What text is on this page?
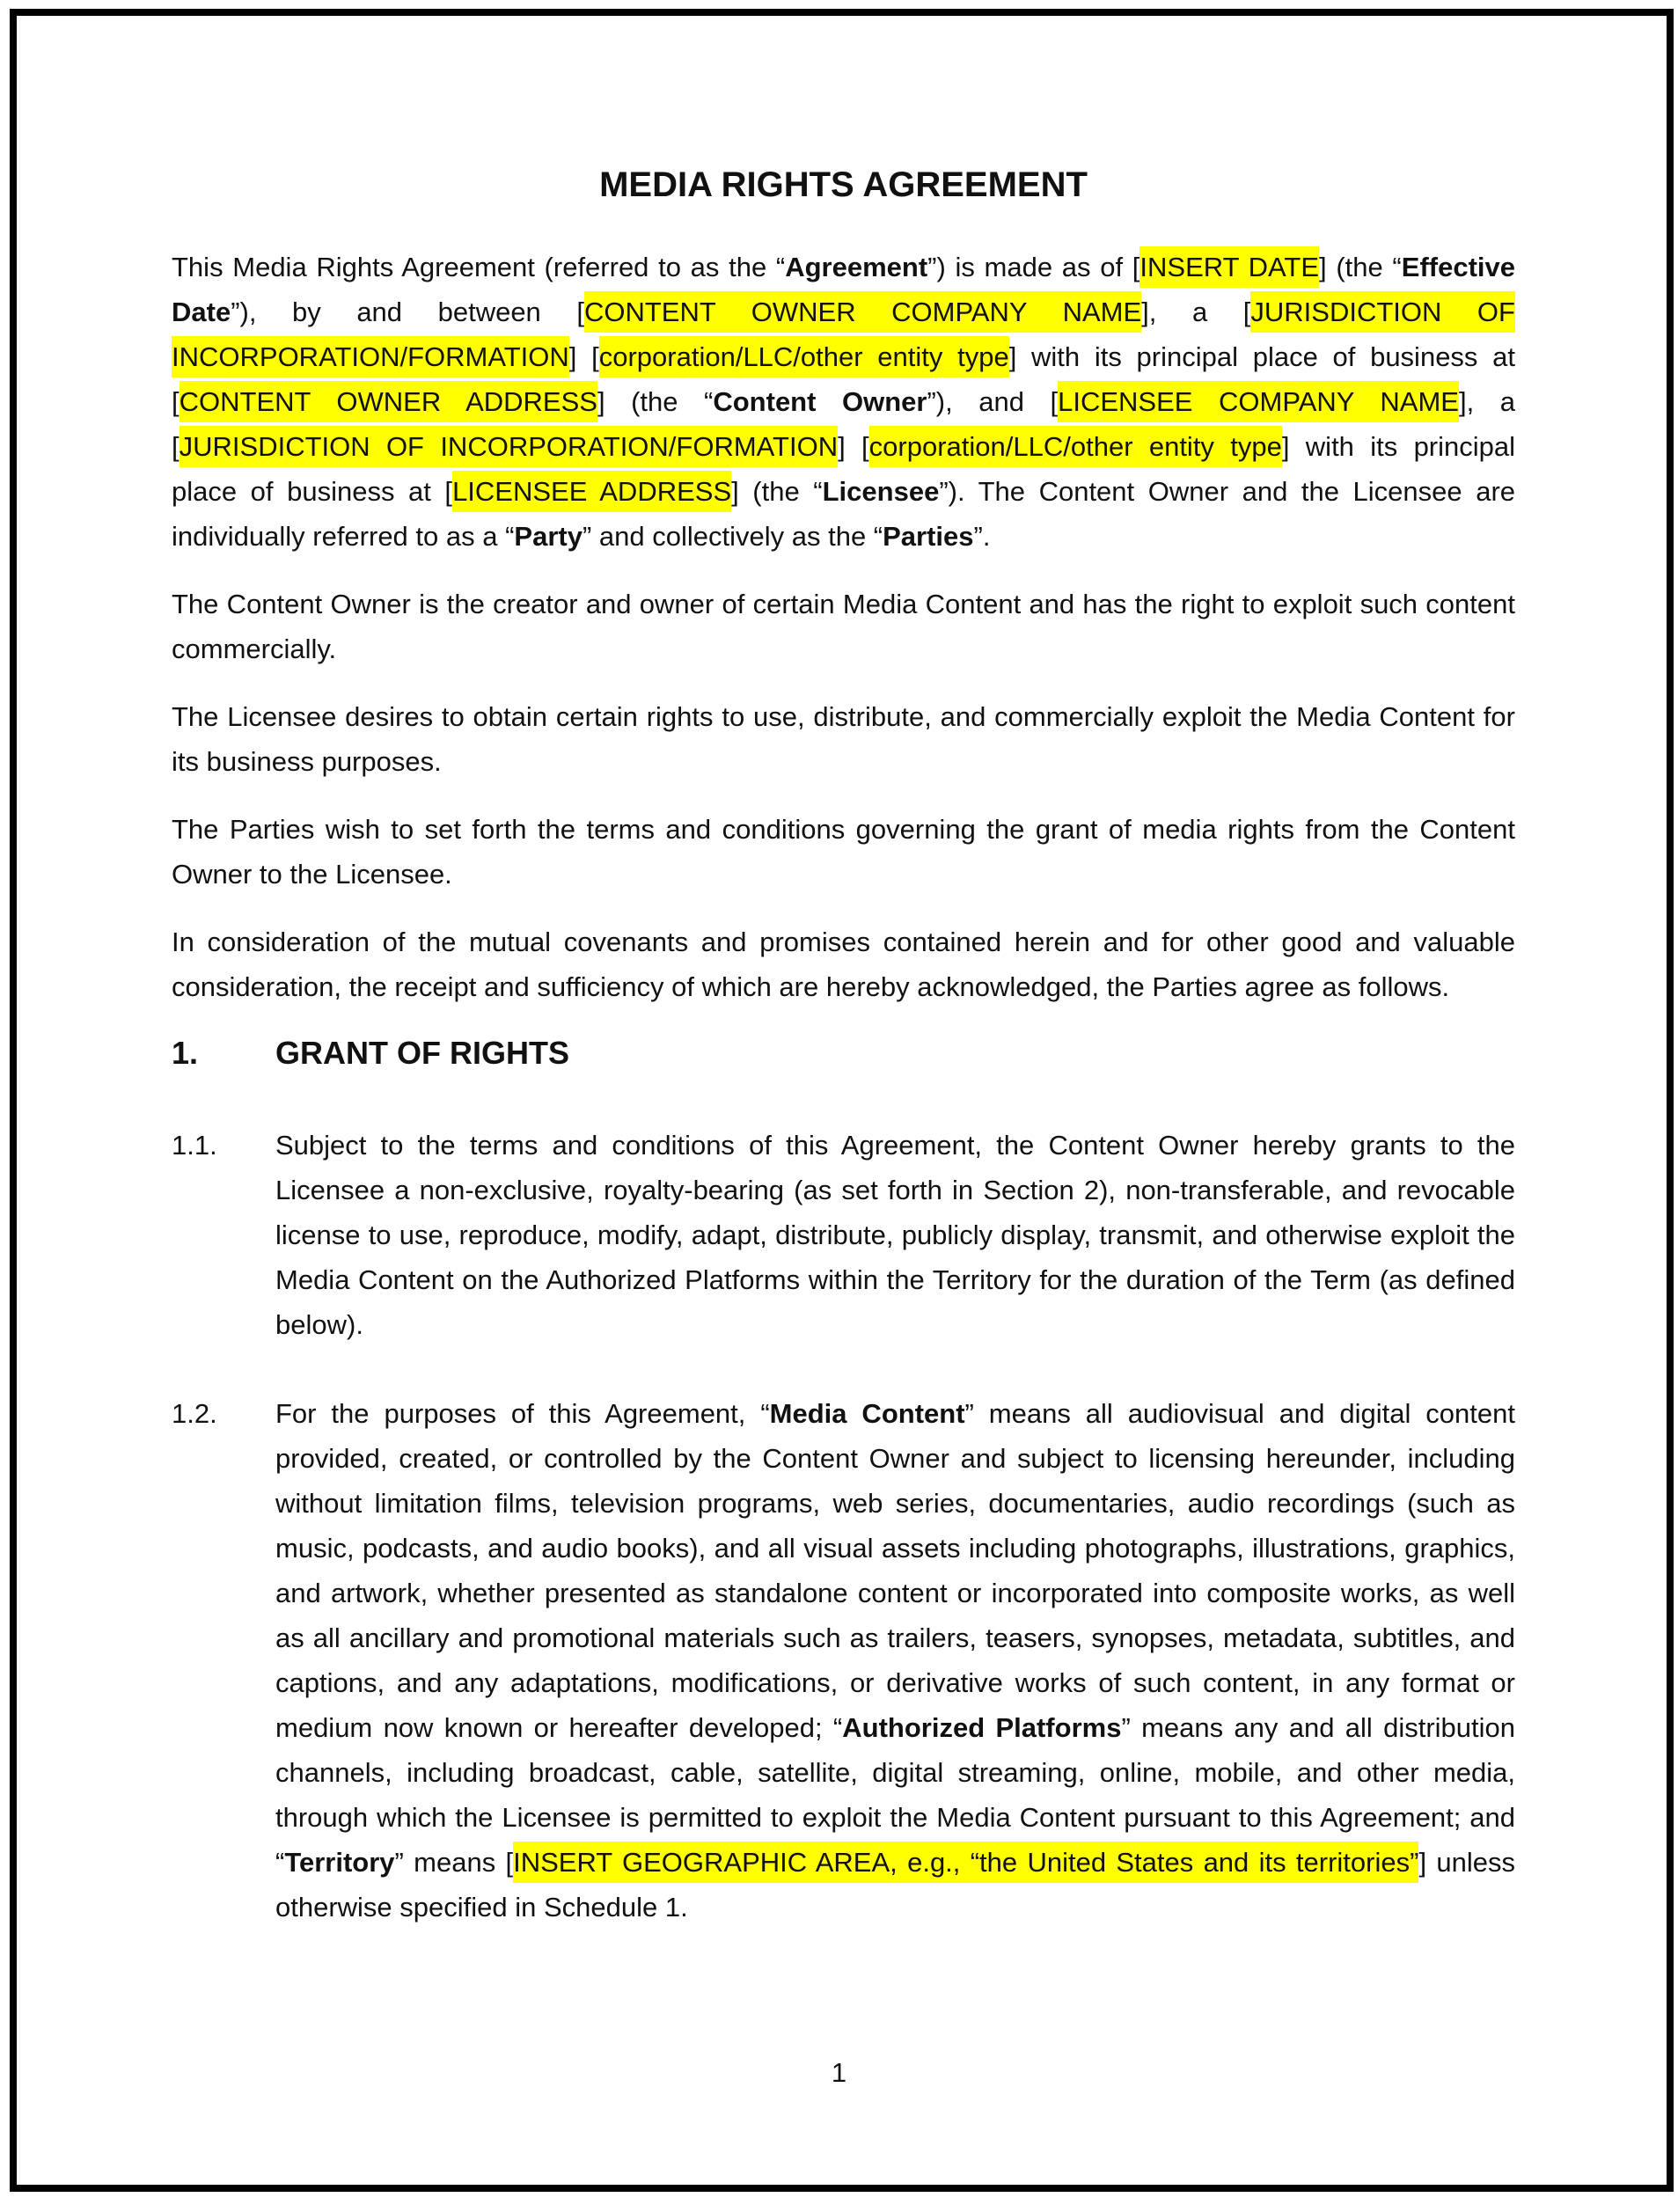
MEDIA RIGHTS AGREEMENT

This Media Rights Agreement (referred to as the “Agreement”) is made as of [INSERT DATE] (the “Effective Date”), by and between [CONTENT OWNER COMPANY NAME], a [JURISDICTION OF INCORPORATION/FORMATION] [corporation/LLC/other entity type] with its principal place of business at [CONTENT OWNER ADDRESS] (the “Content Owner”), and [LICENSEE COMPANY NAME], a [JURISDICTION OF INCORPORATION/FORMATION] [corporation/LLC/other entity type] with its principal place of business at [LICENSEE ADDRESS] (the “Licensee”). The Content Owner and the Licensee are individually referred to as a “Party” and collectively as the “Parties”.

The Content Owner is the creator and owner of certain Media Content and has the right to exploit such content commercially.

The Licensee desires to obtain certain rights to use, distribute, and commercially exploit the Media Content for its business purposes.

The Parties wish to set forth the terms and conditions governing the grant of media rights from the Content Owner to the Licensee.

In consideration of the mutual covenants and promises contained herein and for other good and valuable consideration, the receipt and sufficiency of which are hereby acknowledged, the Parties agree as follows.

1.	GRANT OF RIGHTS
1.1.	Subject to the terms and conditions of this Agreement, the Content Owner hereby grants to the Licensee a non-exclusive, royalty-bearing (as set forth in Section 2), non-transferable, and revocable license to use, reproduce, modify, adapt, distribute, publicly display, transmit, and otherwise exploit the Media Content on the Authorized Platforms within the Territory for the duration of the Term (as defined below).
1.2.	For the purposes of this Agreement, “Media Content” means all audiovisual and digital content provided, created, or controlled by the Content Owner and subject to licensing hereunder, including without limitation films, television programs, web series, documentaries, audio recordings (such as music, podcasts, and audio books), and all visual assets including photographs, illustrations, graphics, and artwork, whether presented as standalone content or incorporated into composite works, as well as all ancillary and promotional materials such as trailers, teasers, synopses, metadata, subtitles, and captions, and any adaptations, modifications, or derivative works of such content, in any format or medium now known or hereafter developed; “Authorized Platforms” means any and all distribution channels, including broadcast, cable, satellite, digital streaming, online, mobile, and other media, through which the Licensee is permitted to exploit the Media Content pursuant to this Agreement; and “Territory” means [INSERT GEOGRAPHIC AREA, e.g., “the United States and its territories”] unless otherwise specified in Schedule 1.
1
